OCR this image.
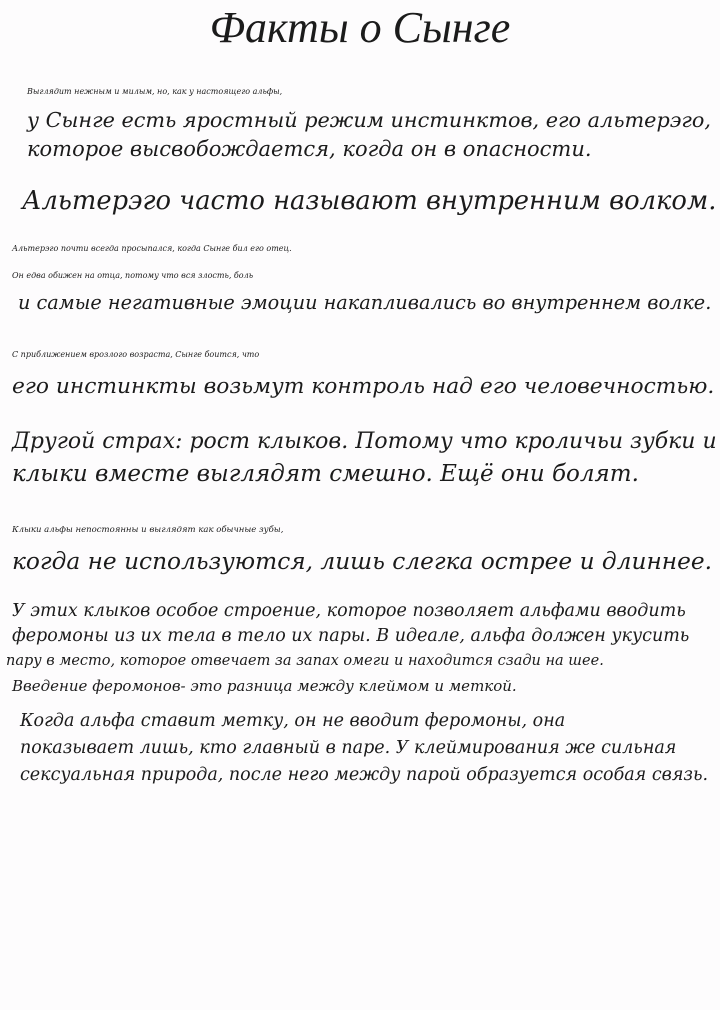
Факты о Сынге
Выглядит нежным и милым, но, как у настоящего альфы,
у Сынге есть яростный режим инстинктов, его альтерэго,
которое высвобождается, когда он в опасности.
Альтерэго часто называют внутренним волком.
Альтерэго почти всегда просыпался, когда Сынге бил его отец.
Он едва обижен на отца, потому что вся злость, боль
и самые негативные эмоции накапливались во внутреннем волке.
С приближением врозлого возраста, Сынге боится, что
его инстинкты возьмут контроль над его человечностью.
Другой страх: рост клыков. Потому что кроличьи зубки и
клыки вместе выглядят смешно. Ещё они болят.
Клыки альфы непостоянны и выглядят как обычные зубы,
когда не используются, лишь слегка острее и длиннее.
У этих клыков особое строение, которое позволяет альфами вводить
феромоны из их тела в тело их пары. В идеале, альфа должен укусить
пару в место, которое отвечает за запах омеги и находится сзади на шее.
Введение феромонов- это разница между клеймом и меткой.
Когда альфа ставит метку, он не вводит феромоны, она
показывает лишь, кто главный в паре. У клеймирования же сильная
сексуальная природа, после него между парой образуется особая связь.
